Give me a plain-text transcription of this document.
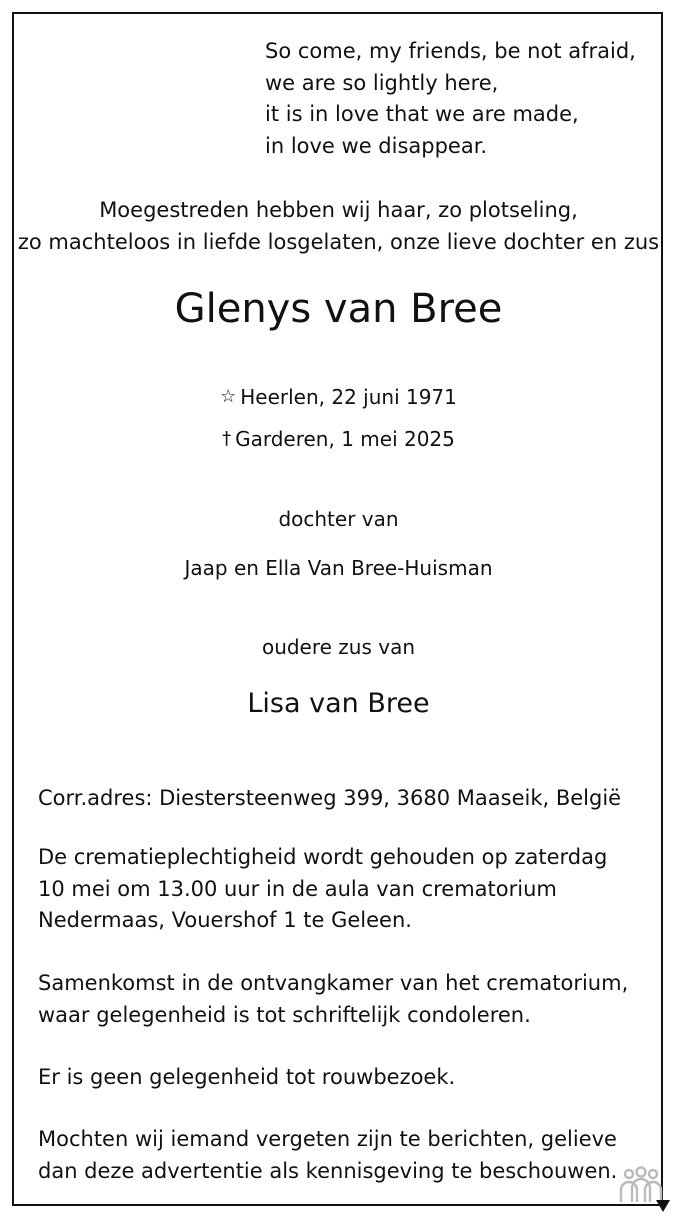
So come, my friends, be not afraid,
we are so lightly here,
it is in love that we are made,
in love we disappear.
Moegestreden hebben wij haar, zo plotseling,
zo machteloos in liefde losgelaten, onze lieve dochter en zus
Glenys van Bree
☆ Heerlen, 22 juni 1971
† Garderen, 1 mei 2025
dochter van
Jaap en Ella Van Bree-Huisman
oudere zus van
Lisa van Bree
Corr.adres: Diestersteenweg 399, 3680 Maaseik, België
De crematieplechtigheid wordt gehouden op zaterdag
10 mei om 13.00 uur in de aula van crematorium
Nedermaas, Vouershof 1 te Geleen.
Samenkomst in de ontvangkamer van het crematorium,
waar gelegenheid is tot schriftelijk condoleren.
Er is geen gelegenheid tot rouwbezoek.
Mochten wij iemand vergeten zijn te berichten, gelieve
dan deze advertentie als kennisgeving te beschouwen.
